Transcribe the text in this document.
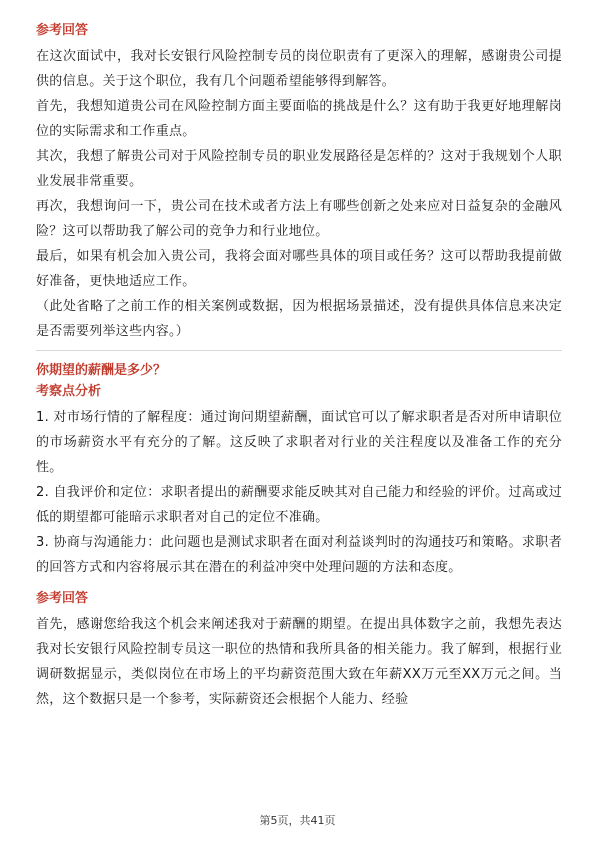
参考回答

在这次面试中，我对长安银行风险控制专员的岗位职责有了更深入的理解，感谢贵公司提供的信息。关于这个职位，我有几个问题希望能够得到解答。

首先，我想知道贵公司在风险控制方面主要面临的挑战是什么？这有助于我更好地理解岗位的实际需求和工作重点。

其次，我想了解贵公司对于风险控制专员的职业发展路径是怎样的？这对于我规划个人职业发展非常重要。

再次，我想询问一下，贵公司在技术或者方法上有哪些创新之处来应对日益复杂的金融风险？这可以帮助我了解公司的竞争力和行业地位。

最后，如果有机会加入贵公司，我将会面对哪些具体的项目或任务？这可以帮助我提前做好准备，更快地适应工作。

（此处省略了之前工作的相关案例或数据，因为根据场景描述，没有提供具体信息来决定是否需要列举这些内容。）

你期望的薪酬是多少？
考察点分析

1. 对市场行情的了解程度：通过询问期望薪酬，面试官可以了解求职者是否对所申请职位的市场薪资水平有充分的了解。这反映了求职者对行业的关注程度以及准备工作的充分性。

2. 自我评价和定位：求职者提出的薪酬要求能反映其对自己能力和经验的评价。过高或过低的期望都可能暗示求职者对自己的定位不准确。

3. 协商与沟通能力：此问题也是测试求职者在面对利益谈判时的沟通技巧和策略。求职者的回答方式和内容将展示其在潜在的利益冲突中处理问题的方法和态度。

参考回答

首先，感谢您给我这个机会来阐述我对于薪酬的期望。在提出具体数字之前，我想先表达我对长安银行风险控制专员这一职位的热情和我所具备的相关能力。我了解到，根据行业调研数据显示，类似岗位在市场上的平均薪资范围大致在年薪XX万元至XX万元之间。当然，这个数据只是一个参考，实际薪资还会根据个人能力、经验

第5页，共41页
